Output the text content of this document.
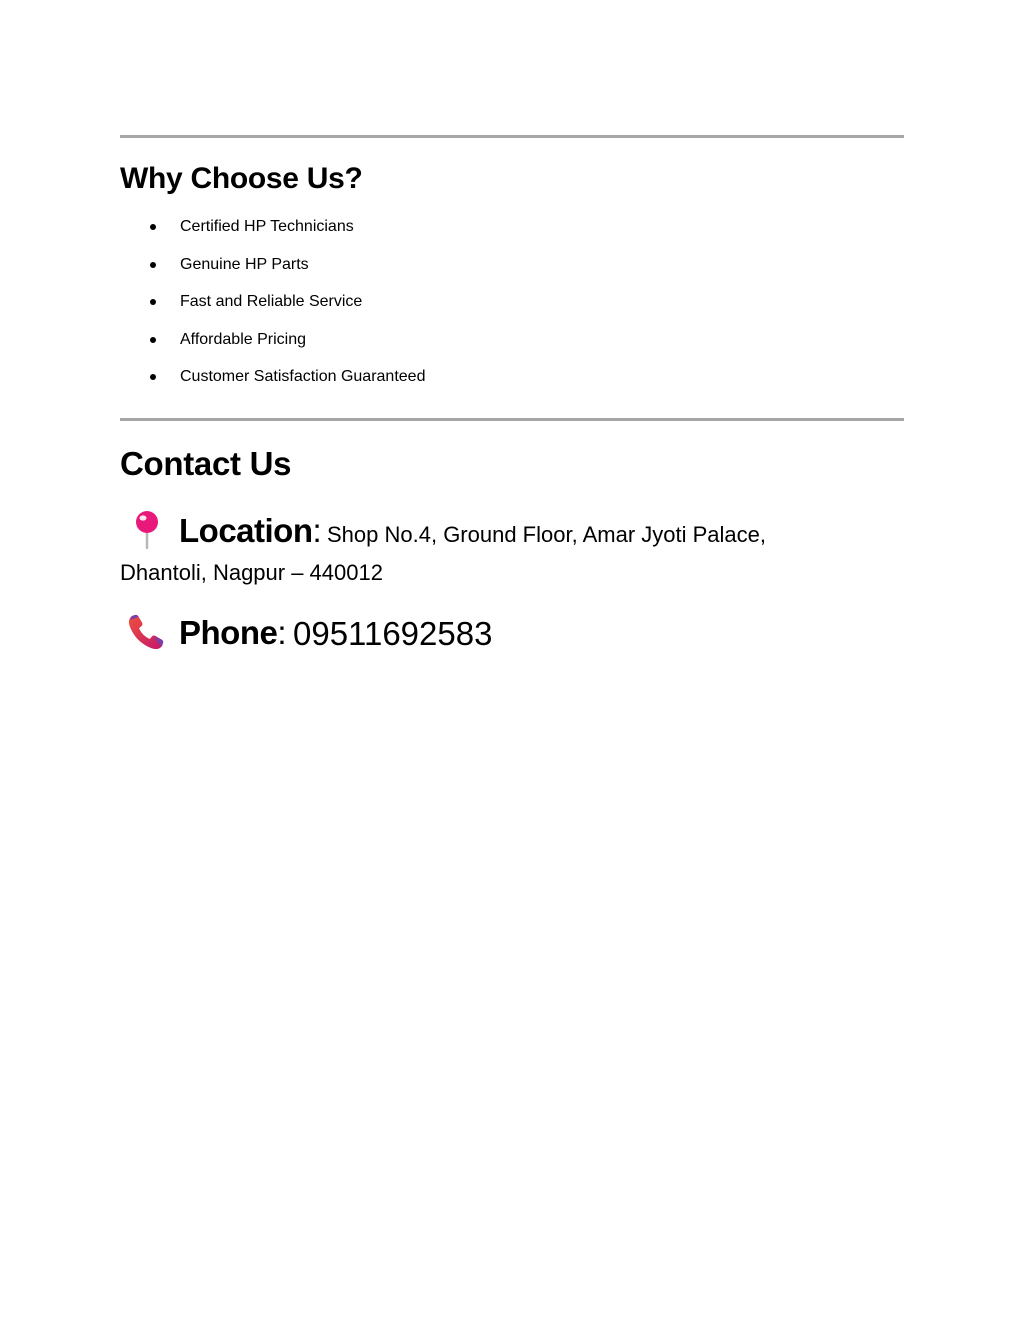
Why Choose Us?
Certified HP Technicians
Genuine HP Parts
Fast and Reliable Service
Affordable Pricing
Customer Satisfaction Guaranteed
Contact Us
Location: Shop No.4, Ground Floor, Amar Jyoti Palace,
Dhantoli, Nagpur – 440012
Phone: 09511692583
